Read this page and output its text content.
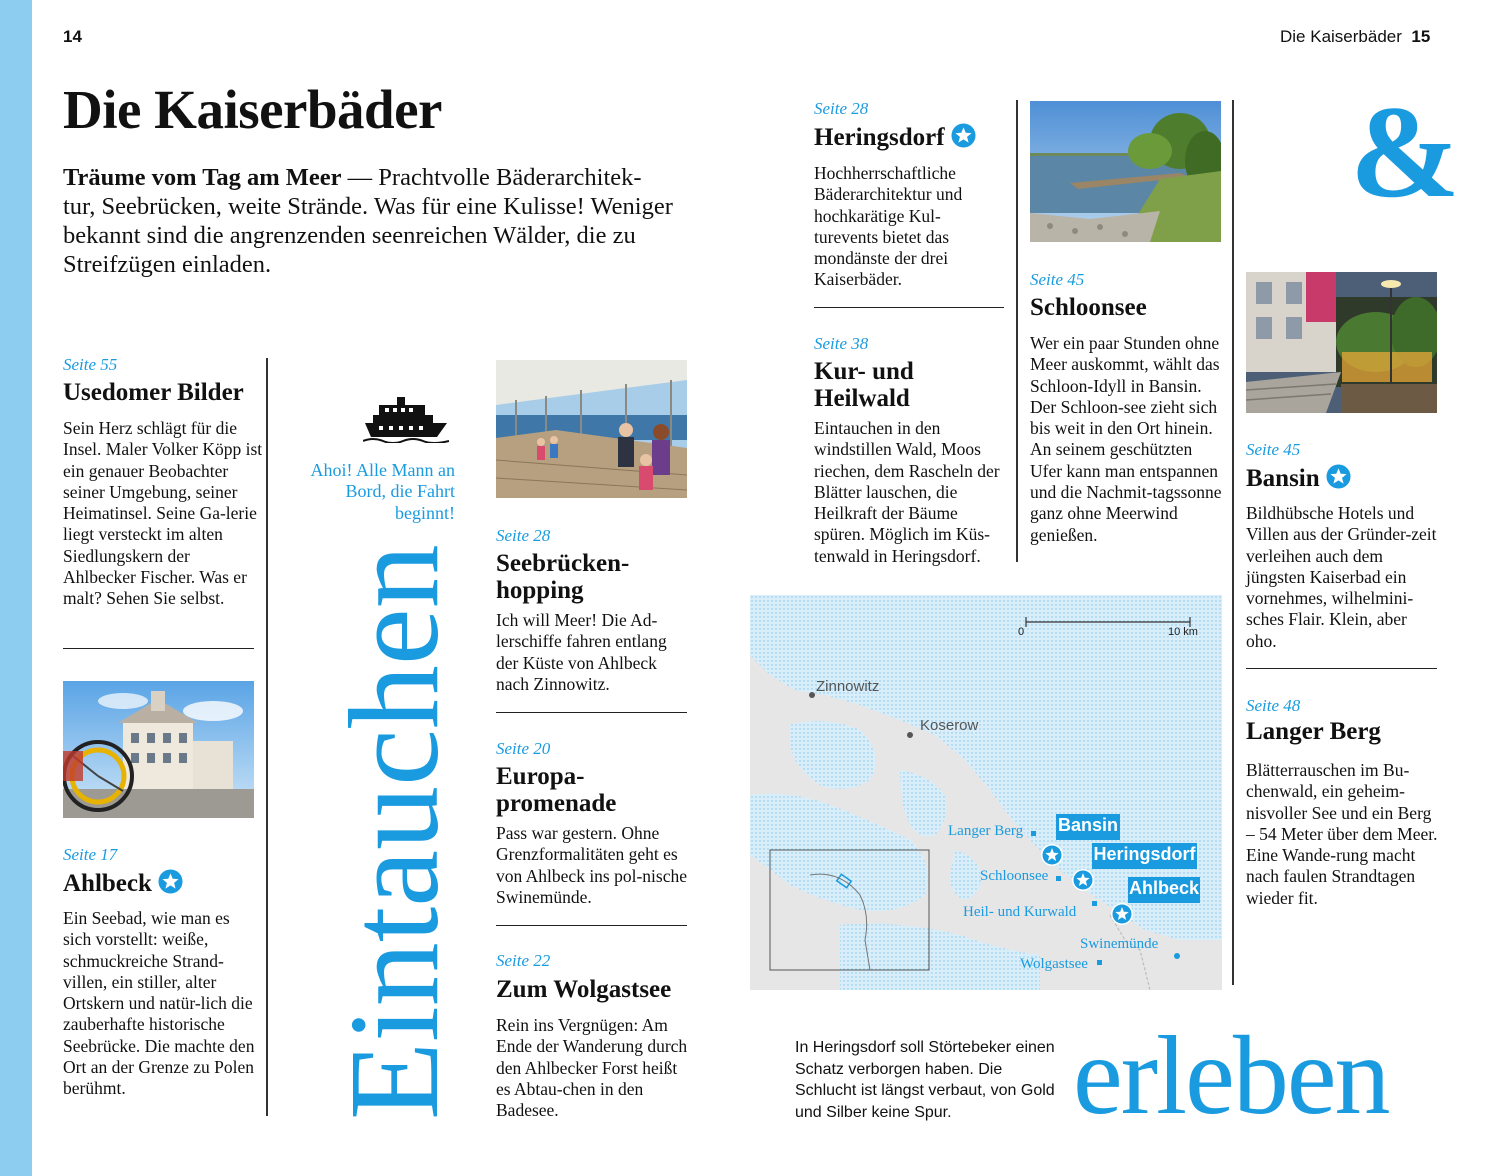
14	Die Kaiserbäder 15
Die Kaiserbäder
Träume vom Tag am Meer — Prachtvolle Bäderarchitek-tur, Seebrücken, weite Strände. Was für eine Kulisse! Weniger bekannt sind die angrenzenden seenreichen Wälder, die zu Streifzügen einladen.
Seite 55
Usedomer Bilder
Sein Herz schlägt für die Insel. Maler Volker Köpp ist ein genauer Beobachter seiner Umgebung, seiner Heimatinsel. Seine Ga-lerie liegt versteckt im alten Siedlungskern der Ahlbecker Fischer. Was er malt? Sehen Sie selbst.
Seite 17
Ahlbeck
Ein Seebad, wie man es sich vorstellt: weiße, schmuckreiche Strand-villen, ein stiller, alter Ortskern und natür-lich die zauberhafte historische Seebrücke. Die machte den Ort an der Grenze zu Polen berühmt.
Ahoi! Alle Mann an Bord, die Fahrt beginnt!
Eintauchen
Seite 28
Seebrücken-hopping
Ich will Meer! Die Ad-lerschiffe fahren entlang der Küste von Ahlbeck nach Zinnowitz.
Seite 20
Europa-promenade
Pass war gestern. Ohne Grenzformalitäten geht es von Ahlbeck ins pol-nische Swinemünde.
Seite 22
Zum Wolgastsee
Rein ins Vergnügen: Am Ende der Wanderung durch den Ahlbecker Forst heißt es Abtau-chen in den Badesee.
Seite 28
Heringsdorf
Hochherrschaftliche Bäderarchitektur und hochkarätige Kul-turevents bietet das mondänste der drei Kaiserbäder.
Seite 38
Kur- und Heilwald
Eintauchen in den windstillen Wald, Moos riechen, dem Rascheln der Blätter lauschen, die Heilkraft der Bäume spüren. Möglich im Küs-tenwald in Heringsdorf.
Seite 45
Schloonsee
Wer ein paar Stunden ohne Meer auskommt, wählt das Schloon-Idyll in Bansin. Der Schloon-see zieht sich bis weit in den Ort hinein. An seinem geschützten Ufer kann man entspannen und die Nachmit-tagssonne ganz ohne Meerwind genießen.
&
Seite 45
Bansin
Bildhübsche Hotels und Villen aus der Gründer-zeit verleihen auch dem jüngsten Kaiserbad ein vornehmes, wilhelmini-sches Flair. Klein, aber oho.
Seite 48
Langer Berg
Blätterrauschen im Bu-chenwald, ein geheim-nisvoller See und ein Berg – 54 Meter über dem Meer. Eine Wande-rung macht nach faulen Strandtagen wieder fit.
0	10 km
Zinnowitz
Koserow
Langer Berg
Schloonsee
Heil- und Kurwald
Swinemünde
Wolgastsee
Bansin
Heringsdorf
Ahlbeck
In Heringsdorf soll Störtebeker einen Schatz verborgen haben. Die Schlucht ist längst verbaut, von Gold und Silber keine Spur.	erleben
